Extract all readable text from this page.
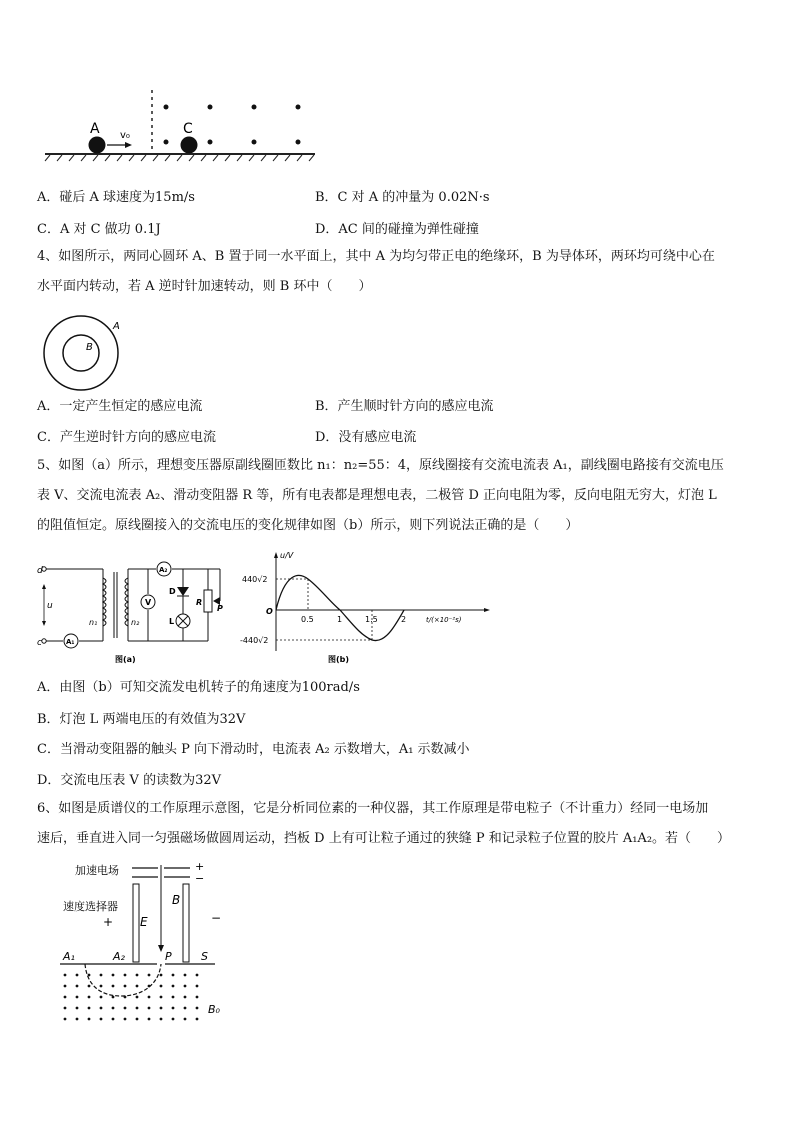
A	C
v₀
A．碰后 A 球速度为15m/s	B．C 对 A 的冲量为 0.02N·s
C．A 对 C 做功 0.1J	D．AC 间的碰撞为弹性碰撞
4、如图所示，两同心圆环 A、B 置于同一水平面上，其中 A 为均匀带正电的绝缘环，B 为导体环，两环均可绕中心在
水平面内转动，若 A 逆时针加速转动，则 B 环中（　　）
A
B
A．一定产生恒定的感应电流	B．产生顺时针方向的感应电流
C．产生逆时针方向的感应电流	D．没有感应电流
5、如图（a）所示，理想变压器原副线圈匝数比 n₁：n₂=55：4，原线圈接有交流电流表 A₁，副线圈电路接有交流电压
表 V、交流电流表 A₂、滑动变阻器 R 等，所有电表都是理想电表，二极管 D 正向电阻为零，反向电阻无穷大，灯泡 L
的阻值恒定。原线圈接入的交流电压的变化规律如图（b）所示，则下列说法正确的是（　　）
d
c
u
n₁	n₂
A₁
A₂
V
D
L
R
P
图(a)
u/V
t/(×10⁻²s)
O
440√2
-440√2
0.5	1	1.5	2
图(b)
A．由图（b）可知交流发电机转子的角速度为100rad/s
B．灯泡 L 两端电压的有效值为32V
C．当滑动变阻器的触头 P 向下滑动时，电流表 A₂ 示数增大，A₁ 示数减小
D．交流电压表 V 的读数为32V
6、如图是质谱仪的工作原理示意图，它是分析同位素的一种仪器，其工作原理是带电粒子（不计重力）经同一电场加
速后，垂直进入同一匀强磁场做圆周运动，挡板 D 上有可让粒子通过的狭缝 P 和记录粒子位置的胶片 A₁A₂。若（　　）
加速电场	+
−
速度选择器
+	−
E
B
A₁	A₂	P	S
B₀
